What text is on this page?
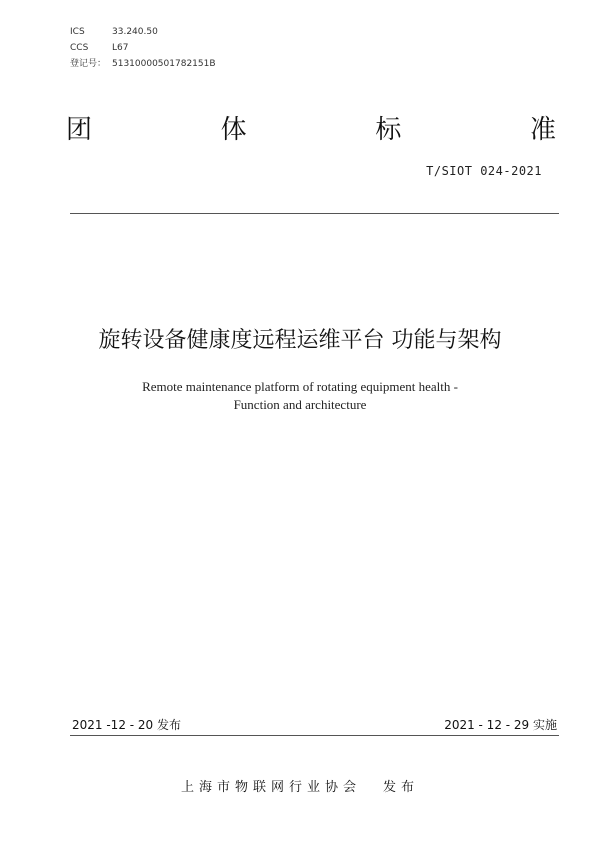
ICS	33.240.50
CCS	L67
登记号： 51310000501782151B
团	体	标	准
T/SIOT 024-2021
旋转设备健康度远程运维平台 功能与架构
Remote maintenance platform of rotating equipment health -
Function and architecture
2021 -12 - 20 发布	2021 - 12 - 29 实施
上海市物联网行业协会 发布
